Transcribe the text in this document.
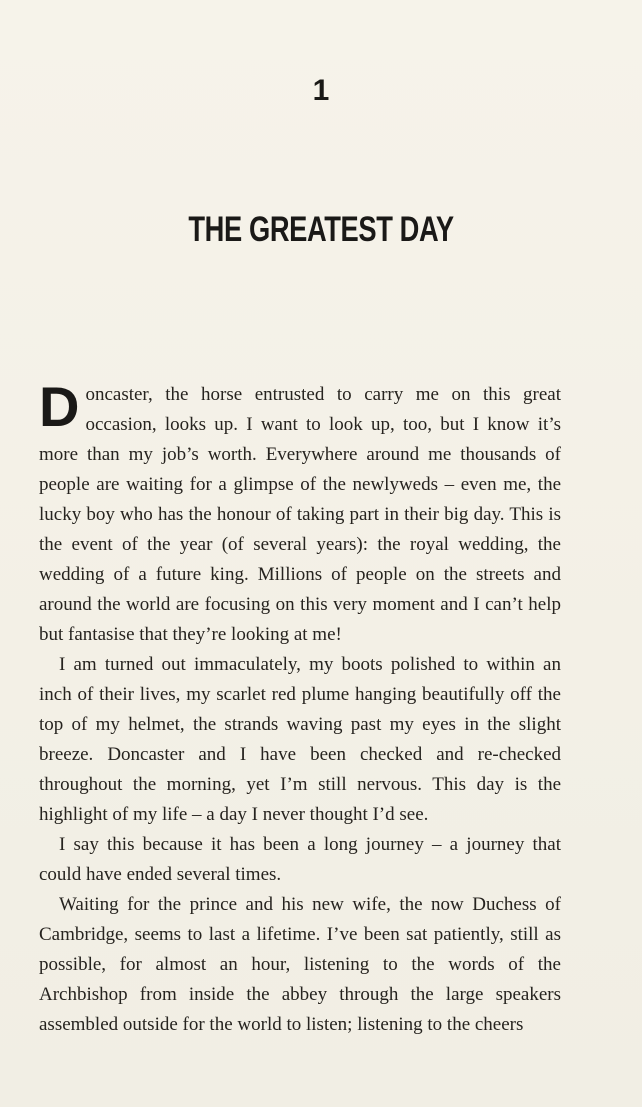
1
THE GREATEST DAY

Doncaster, the horse entrusted to carry me on this great occasion, looks up. I want to look up, too, but I know it’s more than my job’s worth. Everywhere around me thousands of people are waiting for a glimpse of the newlyweds – even me, the lucky boy who has the honour of taking part in their big day. This is the event of the year (of several years): the royal wedding, the wedding of a future king. Millions of people on the streets and around the world are focusing on this very moment and I can’t help but fantasise that they’re looking at me!

I am turned out immaculately, my boots polished to within an inch of their lives, my scarlet red plume hanging beautifully off the top of my helmet, the strands waving past my eyes in the slight breeze. Doncaster and I have been checked and re-checked throughout the morning, yet I’m still nervous. This day is the highlight of my life – a day I never thought I’d see.

I say this because it has been a long journey – a journey that could have ended several times.

Waiting for the prince and his new wife, the now Duchess of Cambridge, seems to last a lifetime. I’ve been sat patiently, still as possible, for almost an hour, listening to the words of the Archbishop from inside the abbey through the large speakers assembled outside for the world to listen; listening to the cheers
